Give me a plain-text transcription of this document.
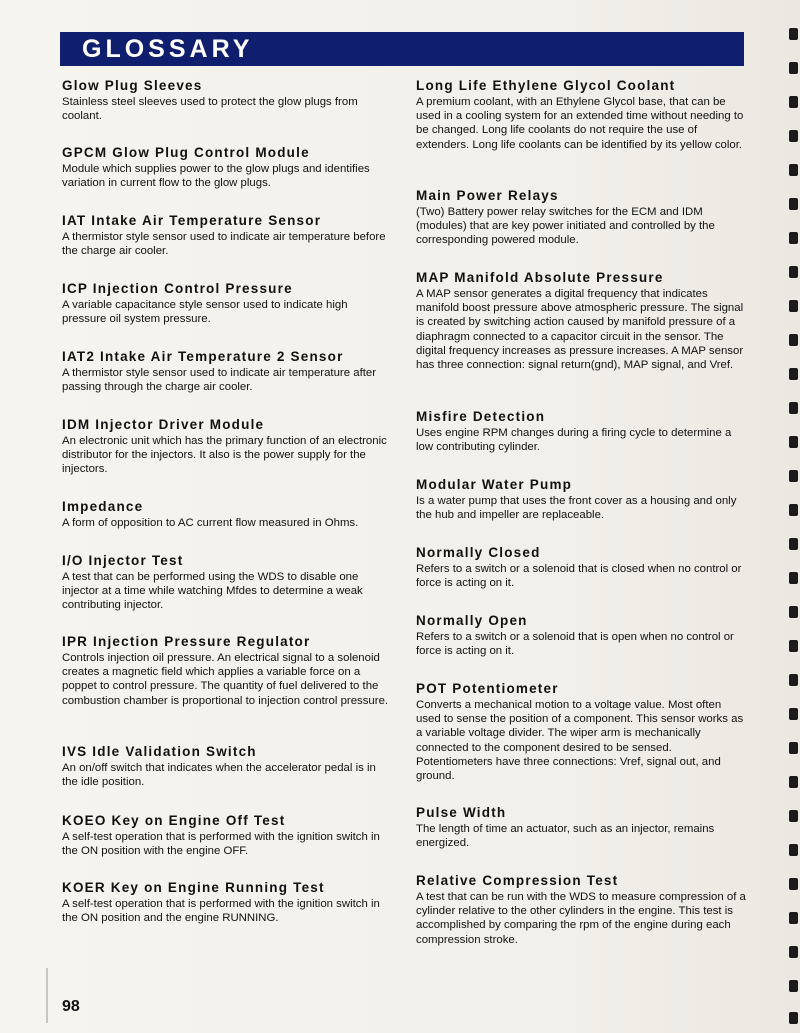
GLOSSARY
Glow Plug Sleeves

Stainless steel sleeves used to protect the glow plugs from coolant.

GPCM Glow Plug Control Module

Module which supplies power to the glow plugs and identifies variation in current flow to the glow plugs.

IAT Intake Air Temperature Sensor

A thermistor style sensor used to indicate air temperature before the charge air cooler.

ICP Injection Control Pressure

A variable capacitance style sensor used to indicate high pressure oil system pressure.

IAT2 Intake Air Temperature 2 Sensor

A thermistor style sensor used to indicate air temperature after passing through the charge air cooler.

IDM Injector Driver Module

An electronic unit which has the primary function of an electronic distributor for the injectors. It also is the power supply for the injectors.

Impedance

A form of opposition to AC current flow measured in Ohms.

I/O Injector Test

A test that can be performed using the WDS to disable one injector at a time while watching Mfdes to determine a weak contributing injector.

IPR Injection Pressure Regulator

Controls injection oil pressure. An electrical signal to a solenoid creates a magnetic field which applies a variable force on a poppet to control pressure. The quantity of fuel delivered to the combustion chamber is proportional to injection control pressure.

IVS Idle Validation Switch

An on/off switch that indicates when the accelerator pedal is in the idle position.

KOEO Key on Engine Off Test

A self-test operation that is performed with the ignition switch in the ON position with the engine OFF.

KOER Key on Engine Running Test

A self-test operation that is performed with the ignition switch in the ON position and the engine RUNNING.

Long Life Ethylene Glycol Coolant

A premium coolant, with an Ethylene Glycol base, that can be used in a cooling system for an extended time without needing to be changed. Long life coolants do not require the use of extenders. Long life coolants can be identified by its yellow color.

Main Power Relays

(Two) Battery power relay switches for the ECM and IDM (modules) that are key power initiated and controlled by the corresponding powered module.

MAP Manifold Absolute Pressure

A MAP sensor generates a digital frequency that indicates manifold boost pressure above atmospheric pressure. The signal is created by switching action caused by manifold pressure of a diaphragm connected to a capacitor circuit in the sensor. The digital frequency increases as pressure increases. A MAP sensor has three connection: signal return(gnd), MAP signal, and Vref.

Misfire Detection

Uses engine RPM changes during a firing cycle to determine a low contributing cylinder.

Modular Water Pump

Is a water pump that uses the front cover as a housing and only the hub and impeller are replaceable.

Normally Closed

Refers to a switch or a solenoid that is closed when no control or force is acting on it.

Normally Open

Refers to a switch or a solenoid that is open when no control or force is acting on it.

POT Potentiometer

Converts a mechanical motion to a voltage value. Most often used to sense the position of a component. This sensor works as a variable voltage divider. The wiper arm is mechanically connected to the component desired to be sensed. Potentiometers have three connections: Vref, signal out, and ground.

Pulse Width

The length of time an actuator, such as an injector, remains energized.

Relative Compression Test

A test that can be run with the WDS to measure compression of a cylinder relative to the other cylinders in the engine. This test is accomplished by comparing the rpm of the engine during each compression stroke.

98
